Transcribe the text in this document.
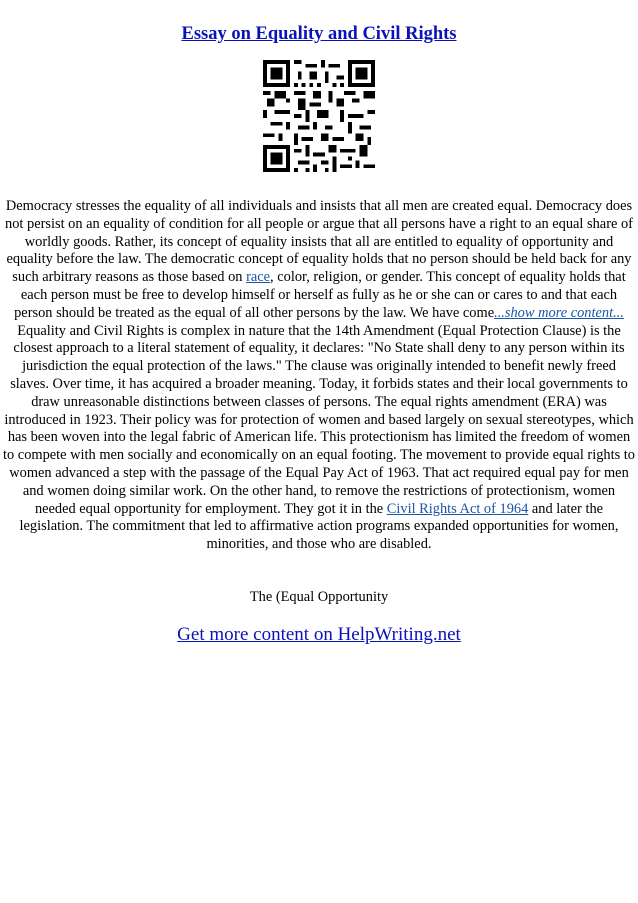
Essay on Equality and Civil Rights
Democracy stresses the equality of all individuals and insists that all men are created equal. Democracy does not persist on an equality of condition for all people or argue that all persons have a right to an equal share of worldly goods. Rather, its concept of equality insists that all are entitled to equality of opportunity and equality before the law. The democratic concept of equality holds that no person should be held back for any such arbitrary reasons as those based on race, color, religion, or gender. This concept of equality holds that each person must be free to develop himself or herself as fully as he or she can or cares to and that each person should be treated as the equal of all other persons by the law. We have come...show more content...
Equality and Civil Rights is complex in nature that the 14th Amendment (Equal Protection Clause) is the closest approach to a literal statement of equality, it declares: "No State shall deny to any person within its jurisdiction the equal protection of the laws." The clause was originally intended to benefit newly freed slaves. Over time, it has acquired a broader meaning. Today, it forbids states and their local governments to draw unreasonable distinctions between classes of persons. The equal rights amendment (ERA) was introduced in 1923. Their policy was for protection of women and based largely on sexual stereotypes, which has been woven into the legal fabric of American life. This protectionism has limited the freedom of women to compete with men socially and economically on an equal footing. The movement to provide equal rights to women advanced a step with the passage of the Equal Pay Act of 1963. That act required equal pay for men and women doing similar work. On the other hand, to remove the restrictions of protectionism, women needed equal opportunity for employment. They got it in the Civil Rights Act of 1964 and later the legislation. The commitment that led to affirmative action programs expanded opportunities for women, minorities, and those who are disabled.
The (Equal Opportunity
Get more content on HelpWriting.net
